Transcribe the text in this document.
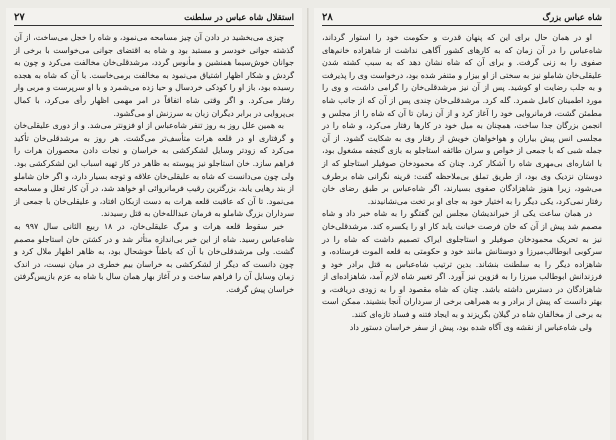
استقلال شاه عباس در سلطنت
۲۷

چیزی می‌بخشید در دادن آن چیز مسامحه می‌نمود، و شاه را خجل می‌ساخت، از آن گذشته جوانی خودسر و مستبد بود و شاه به اقتضای جوانی می‌خواست با برخی از جوانان خوش‌سیما همنشین و مأنوس گردد، مرشدقلی‌خان مخالفت می‌کرد و چون به گردش و شکار اظهار اشتیاق می‌نمود به مخالفت برمی‌خاست. با آن که شاه به هجده رسیده بود، باز او را کودکی خردسال و حیا زده می‌شمرد و با او سرپرست و مربی وار رفتار می‌کرد. و اگر وقتی شاه اتفاقاً در امر مهمی اظهار رأی می‌کرد، با کمال بی‌پروایی در برابر دیگران زبان به سرزنش او می‌گشود.

به همین علل روز به روز تنفر شاه‌عباس از او فزونتر می‌شد. و از دوری علیقلی‌خان و گرفتاری او در قلعه هرات متأسف‌تر می‌گشت. هر روز به مرشدقلی‌خان تأکید می‌کرد که زودتر وسایل لشکرکشی به خراسان و نجات دادن محصوران هرات را فراهم سازد. خان استاجلو نیز پیوسته به ظاهر در کار تهیه اسباب این لشکرکشی بود. ولی چون می‌دانست که شاه به علیقلی‌خان علاقه و توجه بسیار دارد، و اگر خان شاملو از بند رهایی یابد، بزرگترین رقیب فرمانروائی او خواهد شد، در آن کار تعلل و مسامحه می‌نمود. تا آن که عاقبت قلعه هرات به دست ازبکان افتاد، و علیقلی‌خان با جمعی از سرداران بزرگ شاملو به فرمان عبدالله‌خان به قتل رسیدند.

خبر سقوط قلعه هرات و مرگ علیقلی‌خان، در ۱۸ ربیع الثانی سال ۹۹۷ به شاه‌عباس رسید. شاه از این خبر بی‌اندازه متأثر شد و در کشتن خان استاجلو مصمم گشت. ولی مرشدقلی‌خان با آن که باطناً خوشحال بود، به ظاهر اظهار ملال کرد و چون دانست که دیگر از لشکرکشی به خراسان بیم خطری در میان نیست، در اندک زمان وسایل آن را فراهم ساخت و در آغاز بهار همان سال با شاه به عزم بازپس‌گرفتن خراسان پیش گرفت.

شاه عباس بزرگ
۲۸

او در همان حال برای این که پنهان قدرت و حکومت خود را استوار گرداند، شاه‌عباس را در آن زمان که به کارهای کشور آگاهی نداشت از شاهزاده خانم‌های صفوی را به زنی گرفت. و برای آن که شاه نشان دهد که به سبب کشته شدن علیقلی‌خان شاملو نیز به سختی از او بیزار و متنفر شده بود، درخواست وی را پذیرفت و به جلب رضایت او کوشید. پس از آن نیز مرشدقلی‌خان را گرامی داشت، و وی را مورد اطمینان کامل شمرد. گله کرد. مرشدقلی‌خان چندی پس از آن که از جانب شاه مطمئن گشت، فرمانروایی خود را آغاز کرد و از آن زمان تا آن که شاه را از مجلس و انجمن بزرگان جدا ساخت، همچنان به میل خود در کارها رفتار می‌کرد، و شاه را در مجلسی انس پیش بیاران و هواخواهان خویش از رفتار وی به شکایت گشود. از آن جمله شبی که با جمعی از خواص و سران طائفه استاجلو به بازی گنجفه مشغول بود، با اشاره‌ای بی‌مهری شاه را آشکار کرد. چنان که محمودخان صوفیلر استاجلو که از دوستان نزدیک وی بود، از طریق تملق بی‌ملاحظه گفت: قرینه نگرانی شاه برطرف می‌شود، زیرا هنوز شاهزادگان صفوی بسیارند، اگر شاه‌عباس بر طبق رضای خان رفتار نمی‌کرد، یکی دیگر را به اختیار خود به جای او بر تخت می‌نشانیدند.

در همان ساعت یکی از خیراندیشان مجلس این گفتگو را به شاه خبر داد و شاه مصمم شد پیش از آن که خان فرصت خیانت یابد کار او را یکسره کند. مرشدقلی‌خان نیز به تحریک محمودخان صوفیلر و استاجلوی ایراک تصمیم داشت که شاه را در سرکوبی ابوطالب‌میرزا و دوستانش مانند خود و حکومتی به قلعه الموت فرستاده، و شاهزاده دیگر را به سلطنت بنشاند. بدین ترتیب شاه‌عباس به قتل برادر خود و فرزندانش ابوطالب میرزا را به قزوین نیز آورد. اگر تغییر شاه لازم آمد، شاهزاده‌ای از شاهزادگان در دسترس داشته باشد. چنان که شاه مقصود او را به زودی دریافت، و بهتر دانست که پیش از برادر و به همراهی برخی از سرداران آنجا بنشیند. ممکن است به برخی از مخالفان شاه در گیلان بگریزند و به ایجاد فتنه و فساد تازه‌ای کنند.

ولی شاه‌عباس از نقشه وی آگاه شده بود، پیش از سفر خراسان دستور داد
